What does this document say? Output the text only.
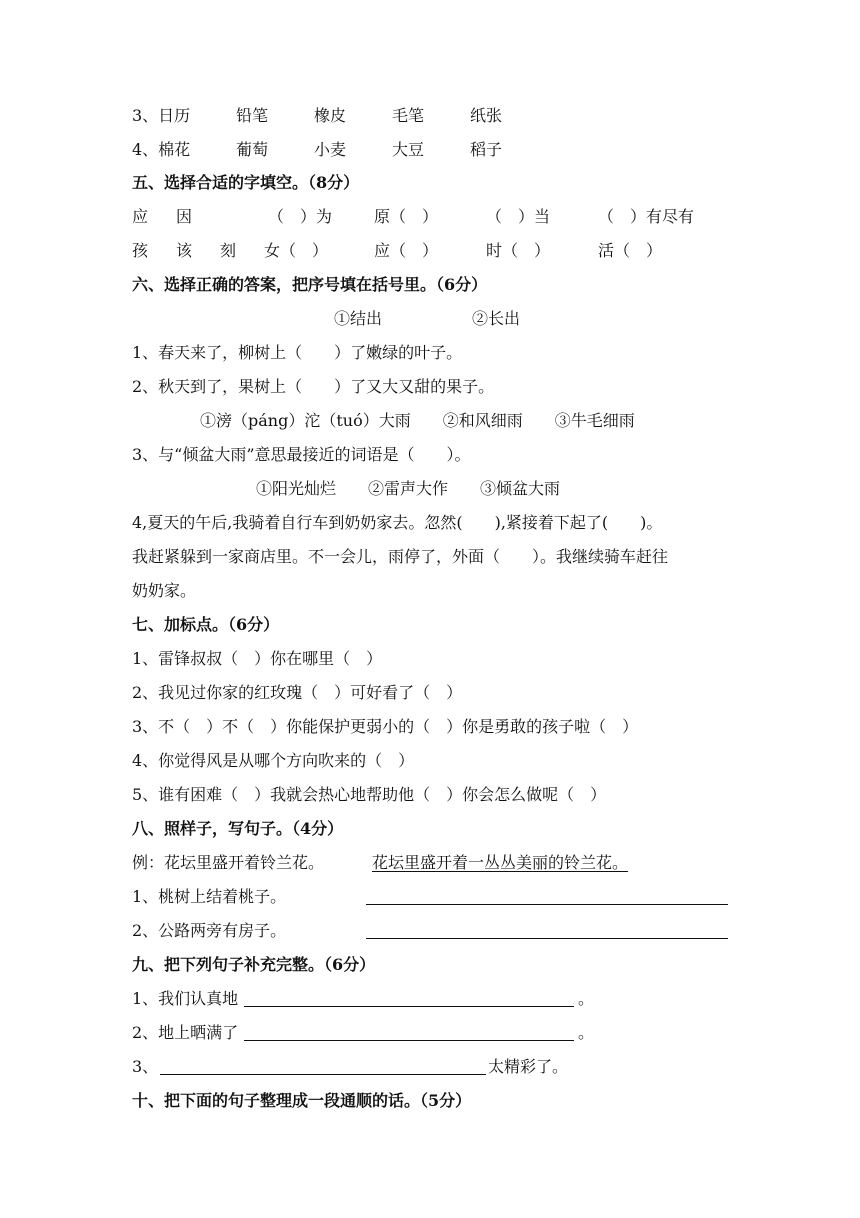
3、日历	铅笔	橡皮	毛笔	纸张
4、棉花	葡萄	小麦	大豆	稻子
五、选择合适的字填空。（8分）
应 因	（　）为	原（　）	（　）当	（　）有尽有
孩 该 刻 女（　）	应（　）	时（　）	活（　）
六、选择正确的答案，把序号填在括号里。（6分）
①结出	②长出
1、春天来了，柳树上（　　）了嫩绿的叶子。
2、秋天到了，果树上（　　）了又大又甜的果子。
①滂（páng）沱（tuó）大雨　　②和风细雨　　③牛毛细雨
3、与“倾盆大雨”意思最接近的词语是（　　）。
①阳光灿烂　　②雷声大作　　③倾盆大雨
4,夏天的午后,我骑着自行车到奶奶家去。忽然(　　),紧接着下起了(　　)。
我赶紧躲到一家商店里。不一会儿，雨停了，外面（　　）。我继续骑车赶往
奶奶家。
七、加标点。（6分）
1、雷锋叔叔（　）你在哪里（　）
2、我见过你家的红玫瑰（　）可好看了（　）
3、不（　）不（　）你能保护更弱小的（　）你是勇敢的孩子啦（　）
4、你觉得风是从哪个方向吹来的（　）
5、谁有困难（　）我就会热心地帮助他（　）你会怎么做呢（　）
八、照样子，写句子。（4分）
例：花坛里盛开着铃兰花。	花坛里盛开着一丛丛美丽的铃兰花。
1、桃树上结着桃子。
2、公路两旁有房子。
九、把下列句子补充完整。（6分）
1、我们认真地	。
2、地上晒满了	。
3、	太精彩了。
十、把下面的句子整理成一段通顺的话。（5分）
